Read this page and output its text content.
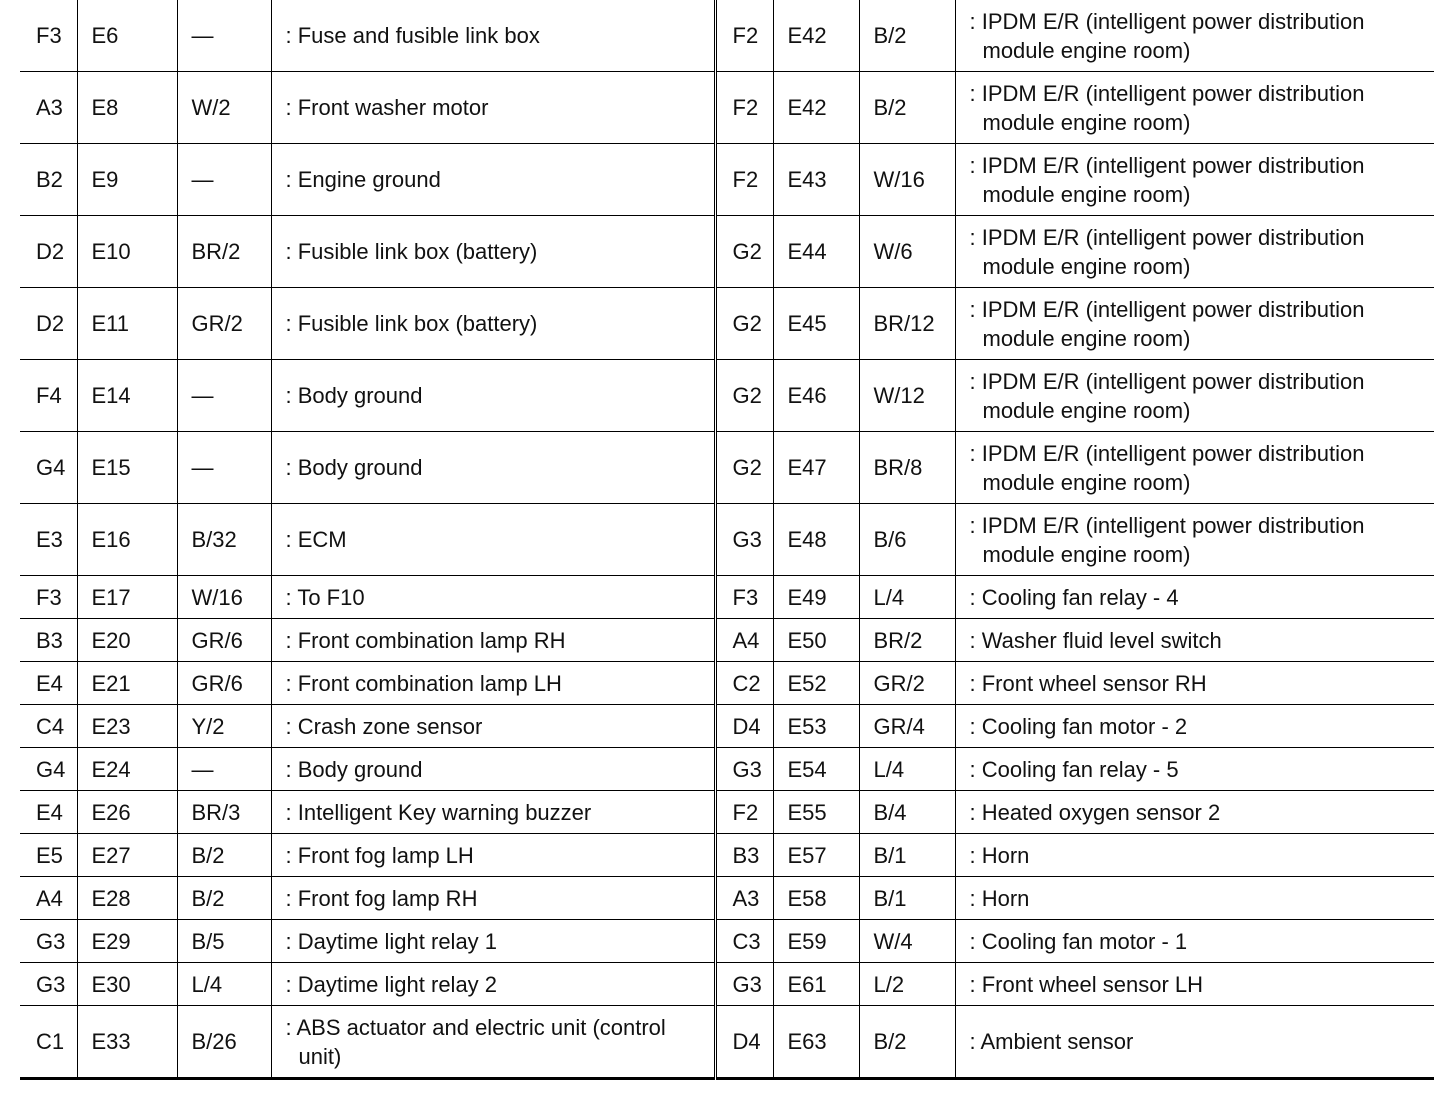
F3	E6	—	: Fuse and fusible link box	F2	E42	B/2	: IPDM E/R (intelligent power distribution module engine room)

A3	E8	W/2	: Front washer motor	F2	E42	B/2	: IPDM E/R (intelligent power distribution module engine room)

B2	E9	—	: Engine ground	F2	E43	W/16	: IPDM E/R (intelligent power distribution module engine room)

D2	E10	BR/2	: Fusible link box (battery)	G2	E44	W/6	: IPDM E/R (intelligent power distribution module engine room)

D2	E11	GR/2	: Fusible link box (battery)	G2	E45	BR/12	: IPDM E/R (intelligent power distribution module engine room)

F4	E14	—	: Body ground	G2	E46	W/12	: IPDM E/R (intelligent power distribution module engine room)

G4	E15	—	: Body ground	G2	E47	BR/8	: IPDM E/R (intelligent power distribution module engine room)

E3	E16	B/32	: ECM	G3	E48	B/6	: IPDM E/R (intelligent power distribution module engine room)

F3	E17	W/16	: To F10	F3	E49	L/4	: Cooling fan relay - 4

B3	E20	GR/6	: Front combination lamp RH	A4	E50	BR/2	: Washer fluid level switch

E4	E21	GR/6	: Front combination lamp LH	C2	E52	GR/2	: Front wheel sensor RH

C4	E23	Y/2	: Crash zone sensor	D4	E53	GR/4	: Cooling fan motor - 2

G4	E24	—	: Body ground	G3	E54	L/4	: Cooling fan relay - 5

E4	E26	BR/3	: Intelligent Key warning buzzer	F2	E55	B/4	: Heated oxygen sensor 2

E5	E27	B/2	: Front fog lamp LH	B3	E57	B/1	: Horn

A4	E28	B/2	: Front fog lamp RH	A3	E58	B/1	: Horn

G3	E29	B/5	: Daytime light relay 1	C3	E59	W/4	: Cooling fan motor - 1

G3	E30	L/4	: Daytime light relay 2	G3	E61	L/2	: Front wheel sensor LH

C1	E33	B/26	: ABS actuator and electric unit (control unit)	D4	E63	B/2	: Ambient sensor
